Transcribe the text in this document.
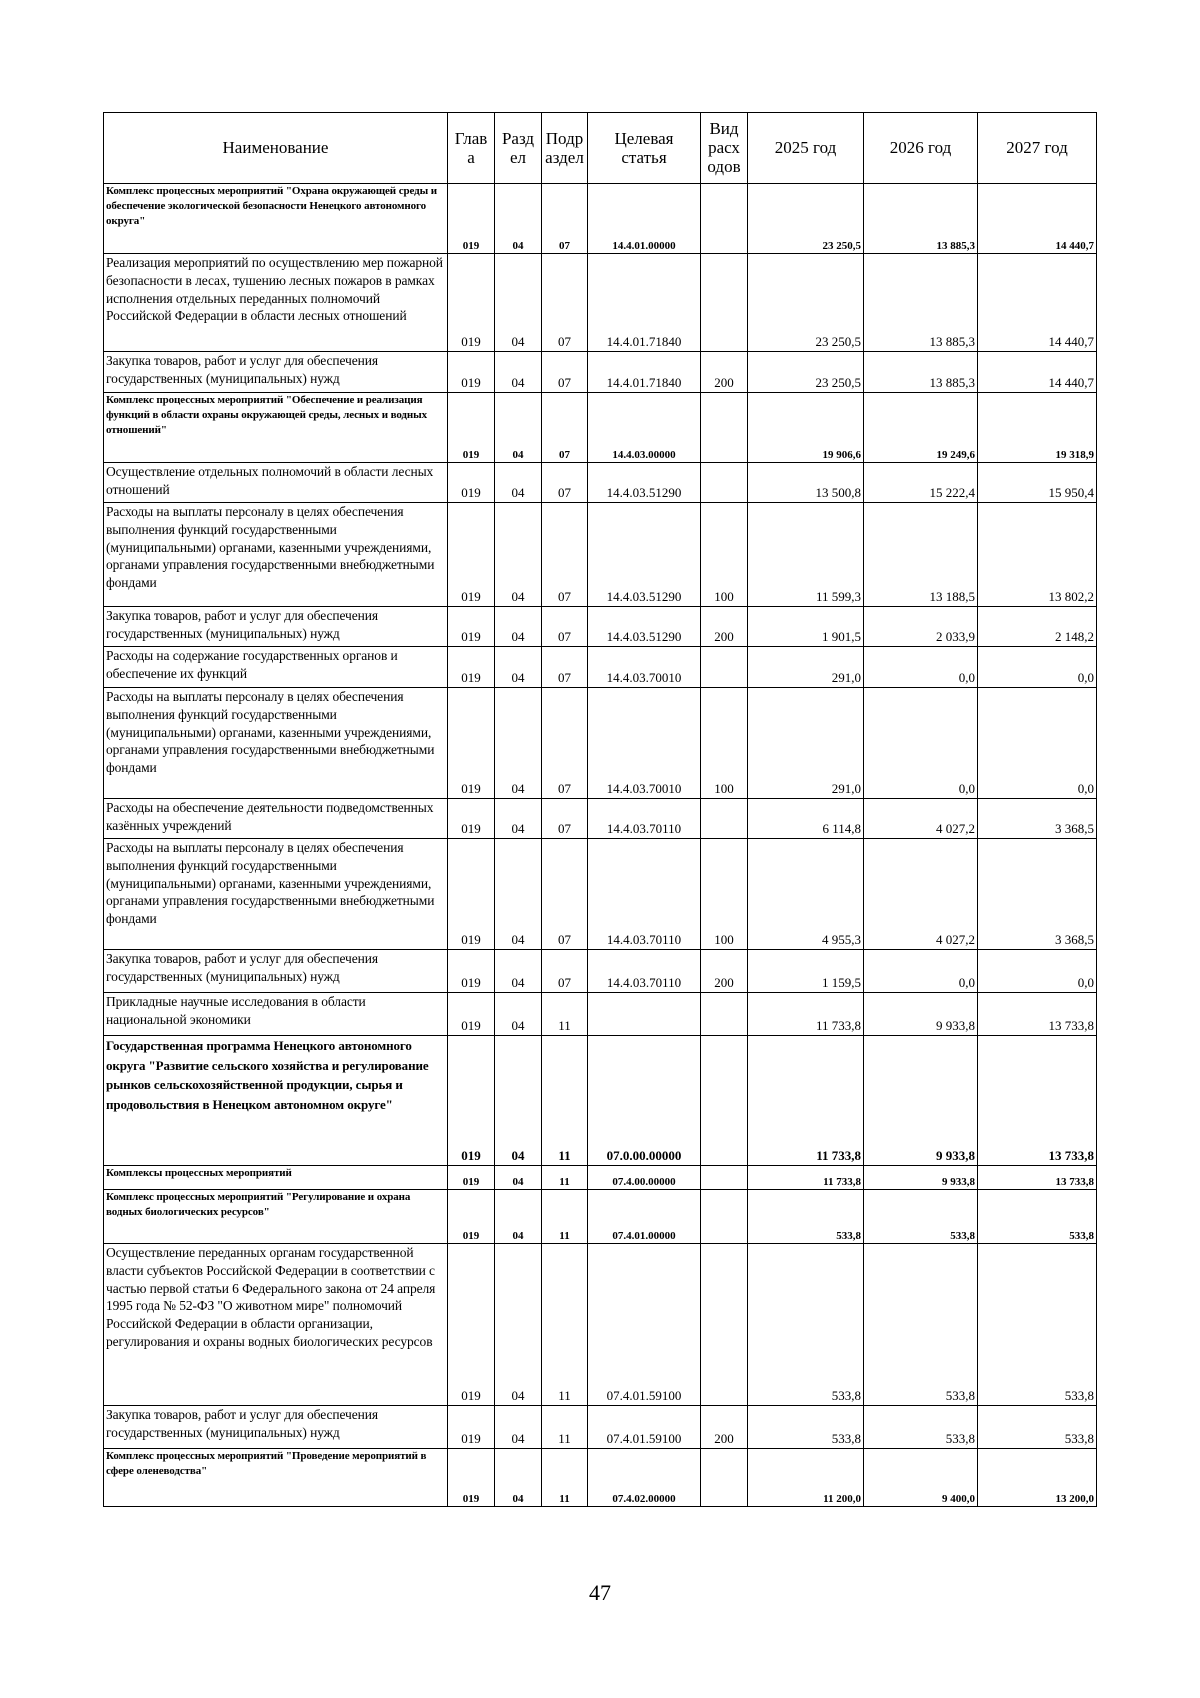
Наименование	Глав а	Разд ел	Подр аздел	Целевая статья	Вид расх одов	2025 год	2026 год	2027 год
Комплекс процессных мероприятий "Охрана окружающей среды и обеспечение экологической безопасности Ненецкого автономного округа"	019	04	07	14.4.01.00000		23 250,5	13 885,3	14 440,7
Реализация мероприятий по осуществлению мер пожарной безопасности в лесах, тушению лесных пожаров в рамках исполнения отдельных переданных полномочий Российской Федерации в области лесных отношений	019	04	07	14.4.01.71840		23 250,5	13 885,3	14 440,7
Закупка товаров, работ и услуг для обеспечения государственных (муниципальных) нужд	019	04	07	14.4.01.71840	200	23 250,5	13 885,3	14 440,7
Комплекс процессных мероприятий "Обеспечение и реализация функций в области охраны окружающей среды, лесных и водных отношений"	019	04	07	14.4.03.00000		19 906,6	19 249,6	19 318,9
Осуществление отдельных полномочий в области лесных отношений	019	04	07	14.4.03.51290		13 500,8	15 222,4	15 950,4
Расходы на выплаты персоналу в целях обеспечения выполнения функций государственными (муниципальными) органами, казенными учреждениями, органами управления государственными внебюджетными фондами	019	04	07	14.4.03.51290	100	11 599,3	13 188,5	13 802,2
Закупка товаров, работ и услуг для обеспечения государственных (муниципальных) нужд	019	04	07	14.4.03.51290	200	1 901,5	2 033,9	2 148,2
Расходы на содержание государственных органов и обеспечение их функций	019	04	07	14.4.03.70010		291,0	0,0	0,0
Расходы на выплаты персоналу в целях обеспечения выполнения функций государственными (муниципальными) органами, казенными учреждениями, органами управления государственными внебюджетными фондами	019	04	07	14.4.03.70010	100	291,0	0,0	0,0
Расходы на обеспечение деятельности подведомственных казённых учреждений	019	04	07	14.4.03.70110		6 114,8	4 027,2	3 368,5
Расходы на выплаты персоналу в целях обеспечения выполнения функций государственными (муниципальными) органами, казенными учреждениями, органами управления государственными внебюджетными фондами	019	04	07	14.4.03.70110	100	4 955,3	4 027,2	3 368,5
Закупка товаров, работ и услуг для обеспечения государственных (муниципальных) нужд	019	04	07	14.4.03.70110	200	1 159,5	0,0	0,0
Прикладные научные исследования в области национальной экономики	019	04	11			11 733,8	9 933,8	13 733,8
Государственная программа Ненецкого автономного округа "Развитие сельского хозяйства и регулирование рынков сельскохозяйственной продукции, сырья и продовольствия в Ненецком автономном округе"	019	04	11	07.0.00.00000		11 733,8	9 933,8	13 733,8
Комплексы процессных мероприятий	019	04	11	07.4.00.00000		11 733,8	9 933,8	13 733,8
Комплекс процессных мероприятий "Регулирование и охрана водных биологических ресурсов"	019	04	11	07.4.01.00000		533,8	533,8	533,8
Осуществление переданных органам государственной власти субъектов Российской Федерации в соответствии с частью первой статьи 6 Федерального закона от 24 апреля 1995 года № 52-ФЗ "О животном мире" полномочий Российской Федерации в области организации, регулирования и охраны водных биологических ресурсов	019	04	11	07.4.01.59100		533,8	533,8	533,8
Закупка товаров, работ и услуг для обеспечения государственных (муниципальных) нужд	019	04	11	07.4.01.59100	200	533,8	533,8	533,8
Комплекс процессных мероприятий "Проведение мероприятий в сфере оленеводства"	019	04	11	07.4.02.00000		11 200,0	9 400,0	13 200,0
47
